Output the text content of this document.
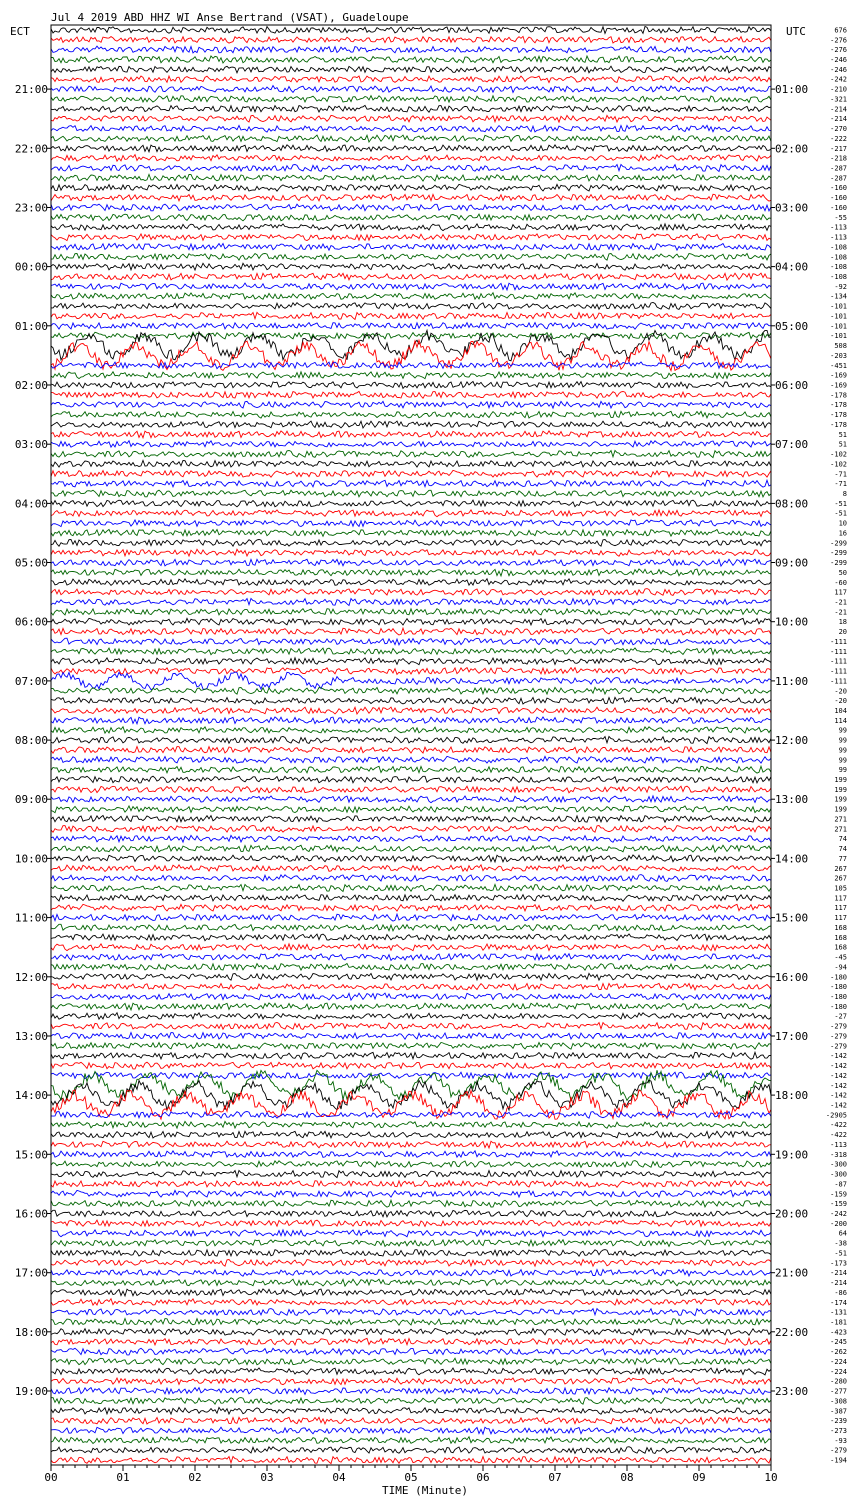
Jul 4 2019 ABD HHZ WI Anse Bertrand (VSAT), Guadeloupe
ECT	UTC	676
-276
-276
-246
-246
-242
-210
-321
-214
-214
-270
-222
-217
-218
-287
-287
-160
-160
-160
-55
-113
-113
-108
-108
-108
-108
-92
-134
-101
-101
-101
-101
508
-203
-451
-169
-169
-178
-178
-178
-178
51
51
-102
-102
-71
-71
8
-51
-51
10
16
-299
-299
-299
50
-60
117
-21
-21
18
20
-111
-111
-111
-111
-111
-20
-20
104
114
99
99
99
99
99
199
199
199
199
271
271
74
74
77
267
267
105
117
117
117
168
168
168
-45
-94
-180
-180
-180
-180
-27
-279
-279
-279
-142
-142
-142
-142
-142
-142
-2905
-422
-422
-113
-318
-300
-300
-87
-159
-159
-242
-200
64
-38
-51
-173
-214
-214
-86
-174
-131
-181
-423
-245
-262
-224
-224
-280
-277
-308
-387
-239
-273
-93
-279
-194
21:00
22:00
23:00
00:00
01:00
02:00
03:00
04:00
05:00
06:00
07:00
08:00
09:00
10:00
11:00
12:00
13:00
14:00
15:00
16:00
17:00
18:00
19:00
01:00
02:00
03:00
04:00
05:00
06:00
07:00
08:00
09:00
10:00
11:00
12:00
13:00
14:00
15:00
16:00
17:00
18:00
19:00
20:00
21:00
22:00
23:00
00	01	02	03	04	05	06	07	08	09	10
TIME (Minute)
